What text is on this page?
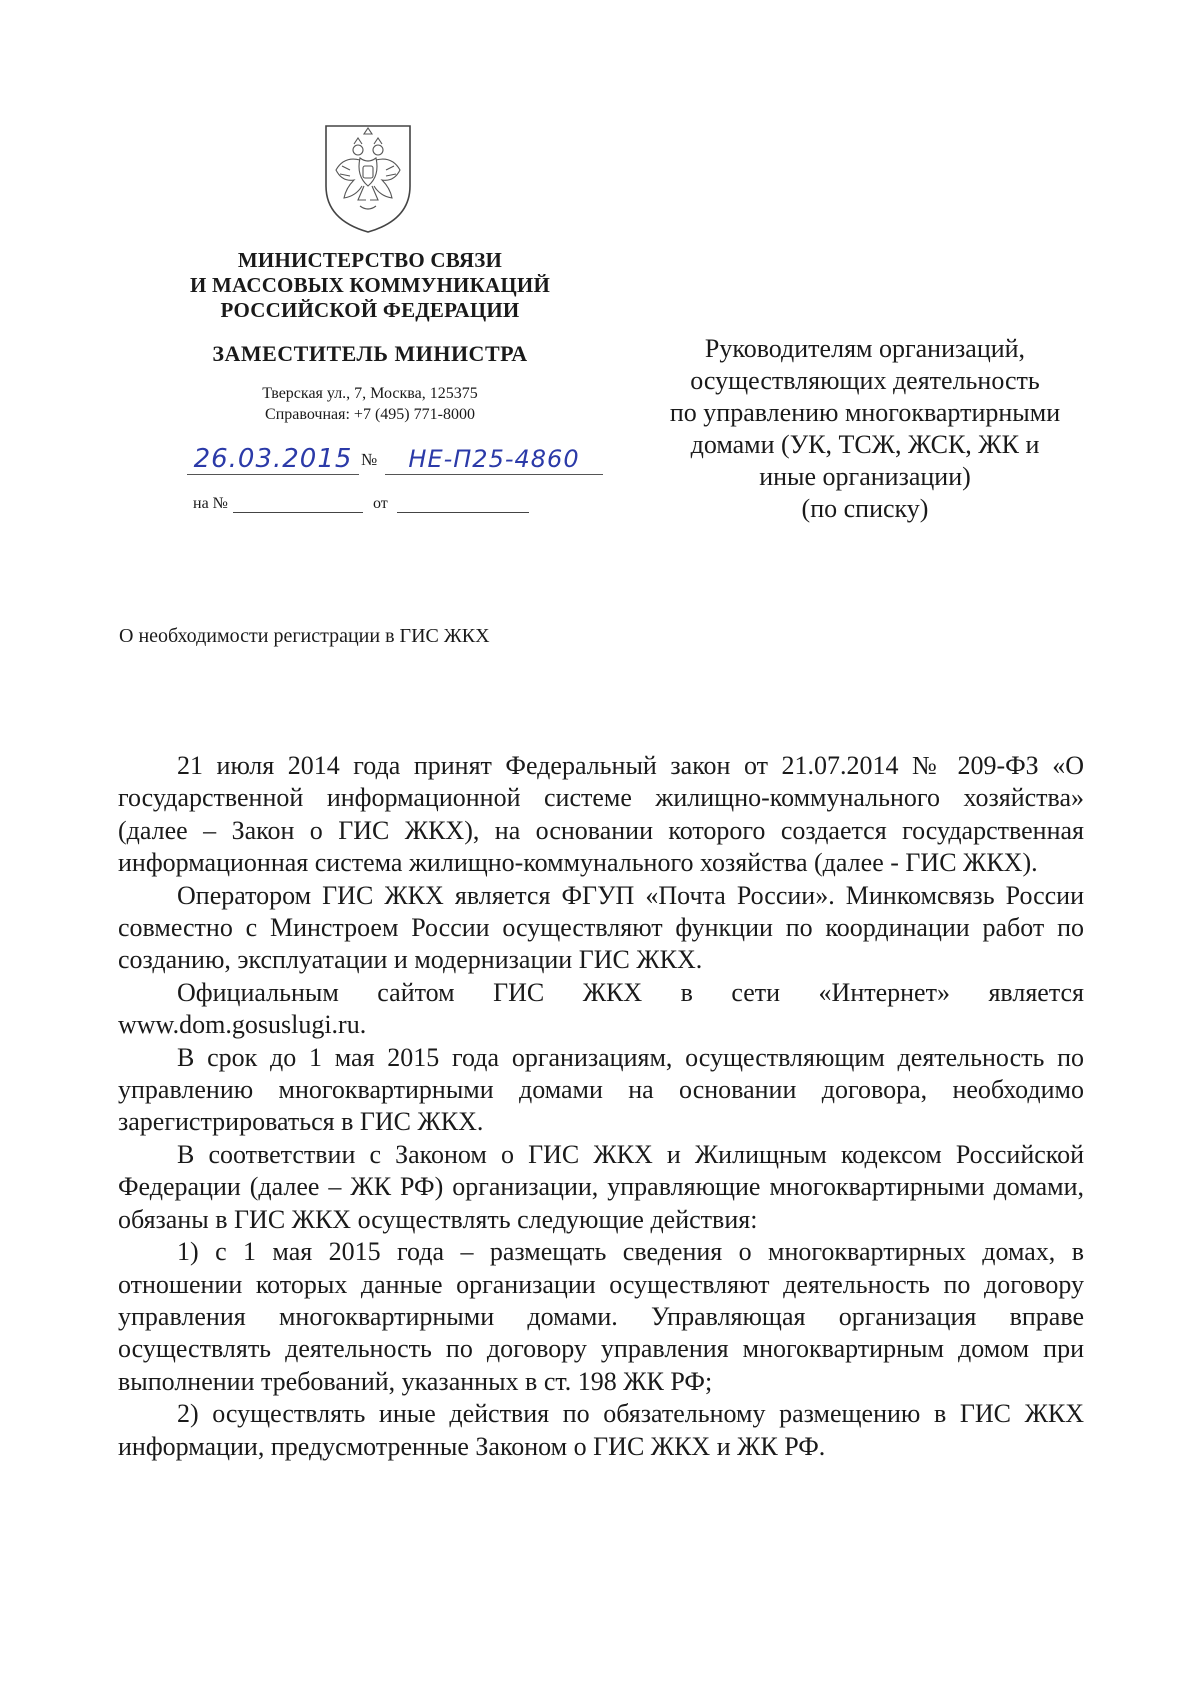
МИНИСТЕРСТВО СВЯЗИ
И МАССОВЫХ КОММУНИКАЦИЙ
РОССИЙСКОЙ ФЕДЕРАЦИИ
ЗАМЕСТИТЕЛЬ МИНИСТРА
Тверская ул., 7, Москва, 125375
Справочная: +7 (495) 771-8000
26.03.2015 №	НЕ-П25-4860
на №	от
Руководителям организаций,
осуществляющих деятельность
по управлению многоквартирными
домами (УК, ТСЖ, ЖСК, ЖК и
иные организации)
(по списку)
О необходимости регистрации в ГИС ЖКХ

21 июля 2014 года принят Федеральный закон от 21.07.2014 № 209-ФЗ «О государственной информационной системе жилищно-коммунального хозяйства» (далее – Закон о ГИС ЖКХ), на основании которого создается государственная информационная система жилищно-коммунального хозяйства (далее - ГИС ЖКХ).

Оператором ГИС ЖКХ является ФГУП «Почта России». Минкомсвязь России совместно с Минстроем России осуществляют функции по координации работ по созданию, эксплуатации и модернизации ГИС ЖКХ.

Официальным сайтом ГИС ЖКХ в сети «Интернет» является www.dom.gosuslugi.ru.

В срок до 1 мая 2015 года организациям, осуществляющим деятельность по управлению многоквартирными домами на основании договора, необходимо зарегистрироваться в ГИС ЖКХ.

В соответствии с Законом о ГИС ЖКХ и Жилищным кодексом Российской Федерации (далее – ЖК РФ) организации, управляющие многоквартирными домами, обязаны в ГИС ЖКХ осуществлять следующие действия:

1) с 1 мая 2015 года – размещать сведения о многоквартирных домах, в отношении которых данные организации осуществляют деятельность по договору управления многоквартирными домами. Управляющая организация вправе осуществлять деятельность по договору управления многоквартирным домом при выполнении требований, указанных в ст. 198 ЖК РФ;

2) осуществлять иные действия по обязательному размещению в ГИС ЖКХ информации, предусмотренные Законом о ГИС ЖКХ и ЖК РФ.
